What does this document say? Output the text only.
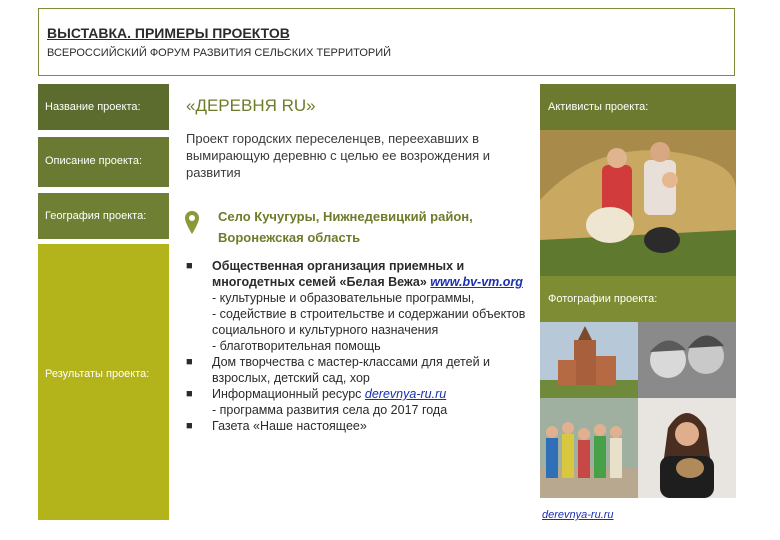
ВЫСТАВКА. ПРИМЕРЫ ПРОЕКТОВ
ВСЕРОССИЙСКИЙ ФОРУМ РАЗВИТИЯ СЕЛЬСКИХ ТЕРРИТОРИЙ
Название проекта:
Описание проекта:
География проекта:
Результаты проекта:
«ДЕРЕВНЯ RU»
Проект городских переселенцев, переехавших в вымирающую деревню с целью ее возрождения и развития
Село Кучугуры, Нижнедевицкий район,
Воронежская область
■ Общественная организация приемных и многодетных семей «Белая Вежа» www.bv-vm.org
- культурные и образовательные программы,
- содействие в строительстве и содержании объектов социального и культурного назначения
- благотворительная помощь
■ Дом творчества с мастер-классами для детей и взрослых, детский сад, хор
■ Информационный ресурс derevnya-ru.ru
- программа развития села до 2017 года
■ Газета «Наше настоящее»
Активисты проекта:
Фотографии проекта:
derevnya-ru.ru
